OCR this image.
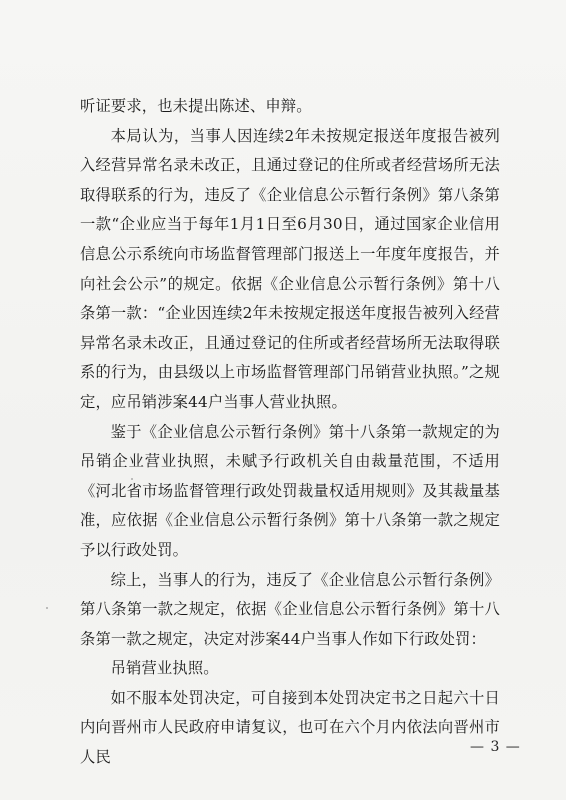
听证要求，也未提出陈述、申辩。

本局认为，当事人因连续2年未按规定报送年度报告被列入经营异常名录未改正，且通过登记的住所或者经营场所无法取得联系的行为，违反了《企业信息公示暂行条例》第八条第一款“企业应当于每年1月1日至6月30日，通过国家企业信用信息公示系统向市场监督管理部门报送上一年度年度报告，并向社会公示”的规定。依据《企业信息公示暂行条例》第十八条第一款：“企业因连续2年未按规定报送年度报告被列入经营异常名录未改正，且通过登记的住所或者经营场所无法取得联系的行为，由县级以上市场监督管理部门吊销营业执照。”之规定，应吊销涉案44户当事人营业执照。

鉴于《企业信息公示暂行条例》第十八条第一款规定的为吊销企业营业执照，未赋予行政机关自由裁量范围，不适用《河北省市场监督管理行政处罚裁量权适用规则》及其裁量基准，应依据《企业信息公示暂行条例》第十八条第一款之规定予以行政处罚。

综上，当事人的行为，违反了《企业信息公示暂行条例》第八条第一款之规定，依据《企业信息公示暂行条例》第十八条第一款之规定，决定对涉案44户当事人作如下行政处罚：

吊销营业执照。

如不服本处罚决定，可自接到本处罚决定书之日起六十日内向晋州市人民政府申请复议，也可在六个月内依法向晋州市人民

— 3 —
